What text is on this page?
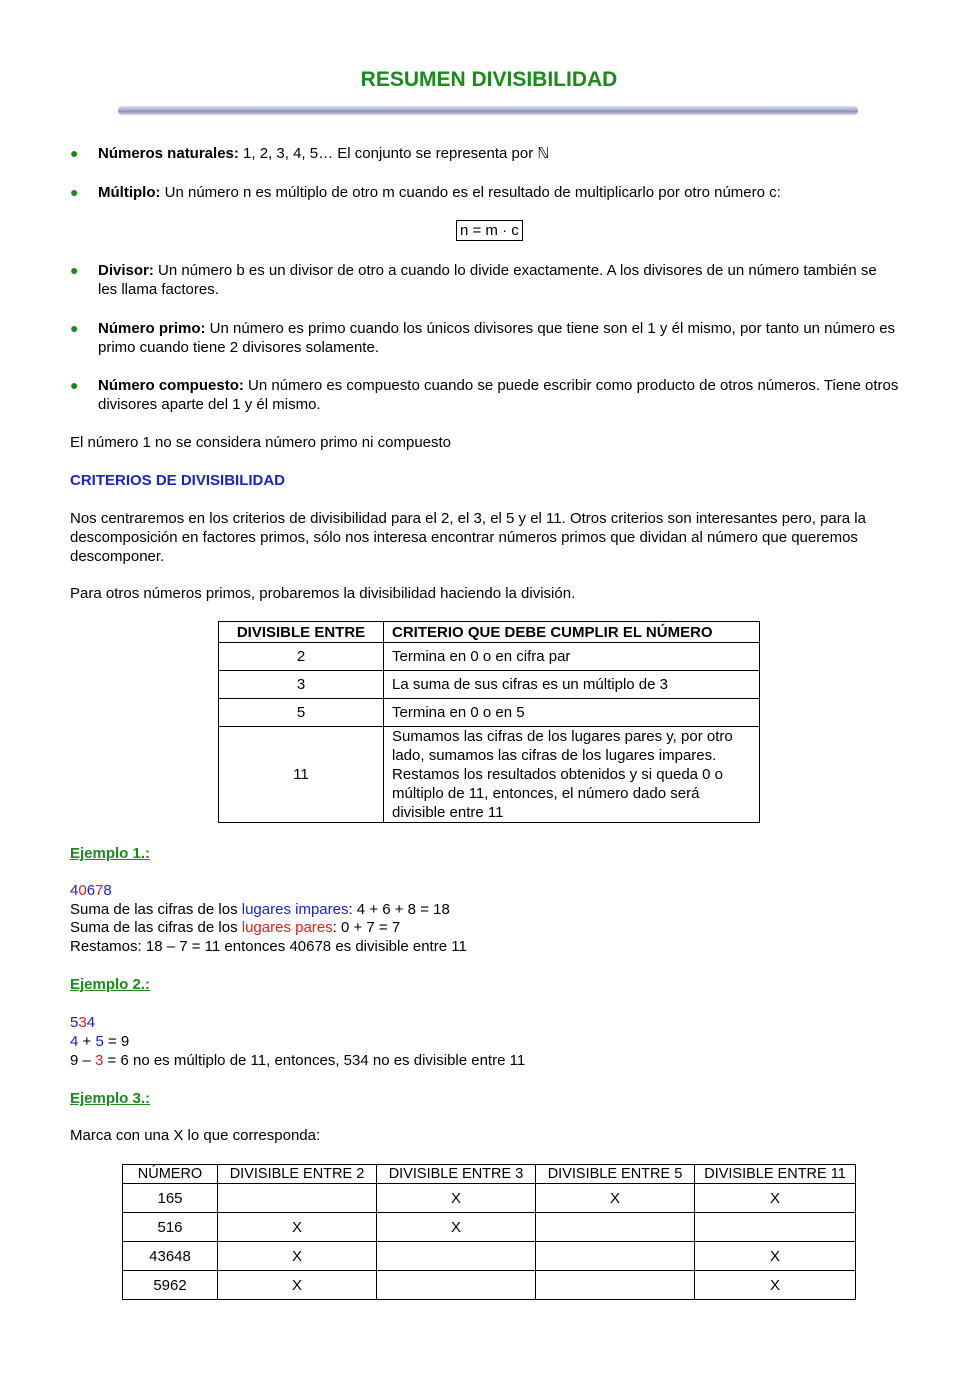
RESUMEN DIVISIBILIDAD
●	Números naturales: 1, 2, 3, 4, 5… El conjunto se representa por ℕ
●	Múltiplo: Un número n es múltiplo de otro m cuando es el resultado de multiplicarlo por otro número c:
n = m · c
●	Divisor: Un número b es un divisor de otro a cuando lo divide exactamente. A los divisores de un número también se les llama factores.
●	Número primo: Un número es primo cuando los únicos divisores que tiene son el 1 y él mismo, por tanto un número es primo cuando tiene 2 divisores solamente.
●	Número compuesto: Un número es compuesto cuando se puede escribir como producto de otros números. Tiene otros divisores aparte del 1 y él mismo.
El número 1 no se considera número primo ni compuesto
CRITERIOS DE DIVISIBILIDAD
Nos centraremos en los criterios de divisibilidad para el 2, el 3, el 5 y el 11. Otros criterios son interesantes pero, para la descomposición en factores primos, sólo nos interesa encontrar números primos que dividan al número que queremos descomponer.
Para otros números primos, probaremos la divisibilidad haciendo la división.
DIVISIBLE ENTRE	CRITERIO QUE DEBE CUMPLIR EL NÚMERO
2	Termina en 0 o en cifra par
3	La suma de sus cifras es un múltiplo de 3
5	Termina en 0 o en 5
11	Sumamos las cifras de los lugares pares y, por otro lado, sumamos las cifras de los lugares impares. Restamos los resultados obtenidos y si queda 0 o múltiplo de 11, entonces, el número dado será divisible entre 11
Ejemplo 1.:
40678
Suma de las cifras de los lugares impares: 4 + 6 + 8 = 18
Suma de las cifras de los lugares pares: 0 + 7 = 7
Restamos: 18 – 7 = 11 entonces 40678 es divisible entre 11
Ejemplo 2.:
534
4 + 5 = 9
9 – 3 = 6 no es múltiplo de 11, entonces, 534 no es divisible entre 11
Ejemplo 3.:
Marca con una X lo que corresponda:
NÚMERO	DIVISIBLE ENTRE 2	DIVISIBLE ENTRE 3	DIVISIBLE ENTRE 5	DIVISIBLE ENTRE 11
165		X	X	X
516	X	X		
43648	X			X
5962	X			X
